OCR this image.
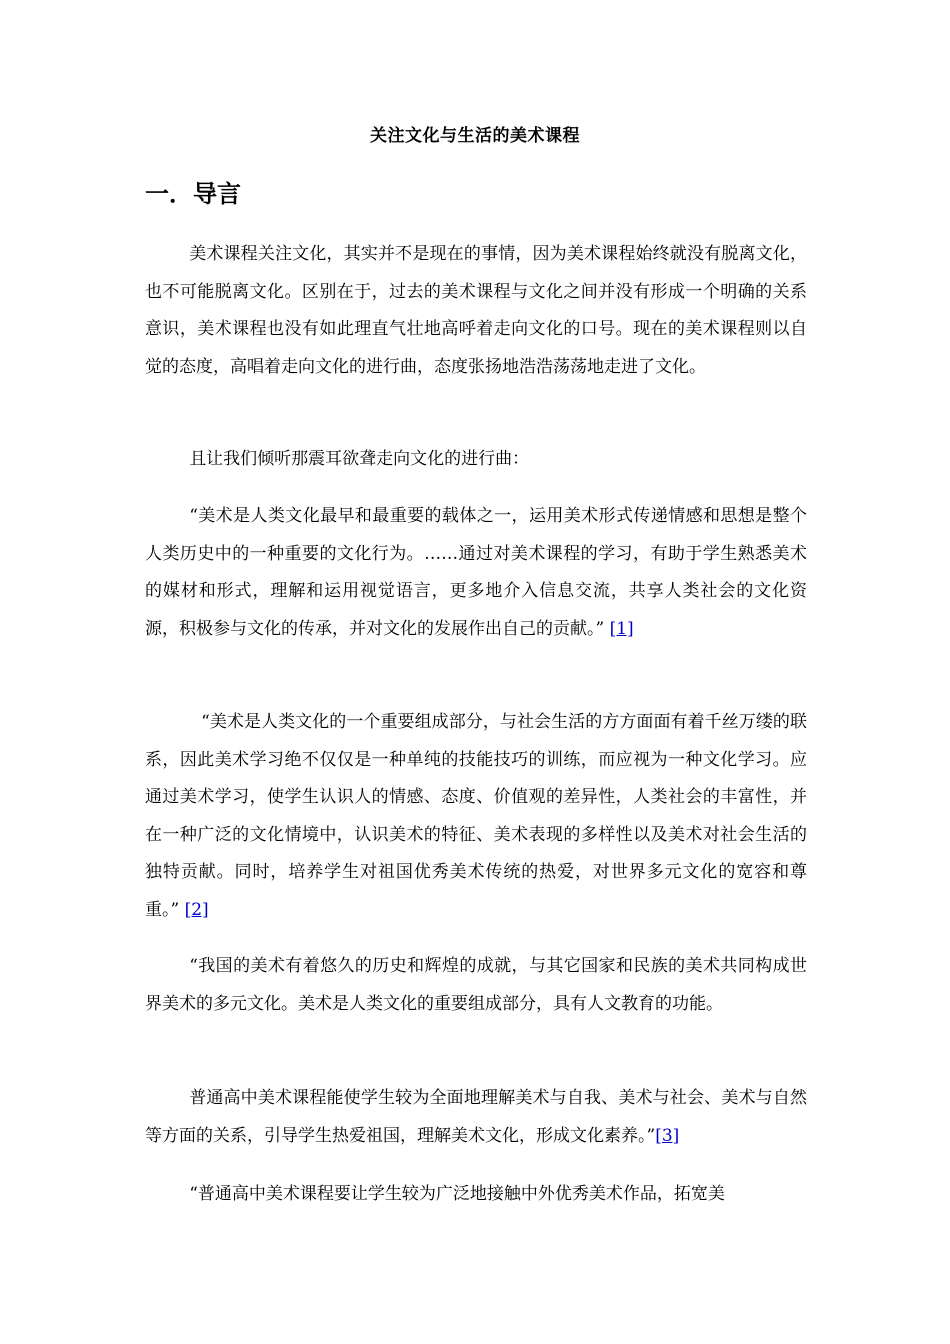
关注文化与生活的美术课程
一．导言

美术课程关注文化，其实并不是现在的事情，因为美术课程始终就没有脱离文化，也不可能脱离文化。区别在于，过去的美术课程与文化之间并没有形成一个明确的关系意识，美术课程也没有如此理直气壮地高呼着走向文化的口号。现在的美术课程则以自觉的态度，高唱着走向文化的进行曲，态度张扬地浩浩荡荡地走进了文化。

且让我们倾听那震耳欲聋走向文化的进行曲：

“美术是人类文化最早和最重要的载体之一，运用美术形式传递情感和思想是整个人类历史中的一种重要的文化行为。……通过对美术课程的学习，有助于学生熟悉美术的媒材和形式，理解和运用视觉语言，更多地介入信息交流，共享人类社会的文化资源，积极参与文化的传承，并对文化的发展作出自己的贡献。” [1]

“美术是人类文化的一个重要组成部分，与社会生活的方方面面有着千丝万缕的联系，因此美术学习绝不仅仅是一种单纯的技能技巧的训练，而应视为一种文化学习。应通过美术学习，使学生认识人的情感、态度、价值观的差异性，人类社会的丰富性，并在一种广泛的文化情境中，认识美术的特征、美术表现的多样性以及美术对社会生活的独特贡献。同时，培养学生对祖国优秀美术传统的热爱，对世界多元文化的宽容和尊重。” [2]

“我国的美术有着悠久的历史和辉煌的成就，与其它国家和民族的美术共同构成世界美术的多元文化。美术是人类文化的重要组成部分，具有人文教育的功能。

普通高中美术课程能使学生较为全面地理解美术与自我、美术与社会、美术与自然等方面的关系，引导学生热爱祖国，理解美术文化，形成文化素养。”[3]

“普通高中美术课程要让学生较为广泛地接触中外优秀美术作品，拓宽美
